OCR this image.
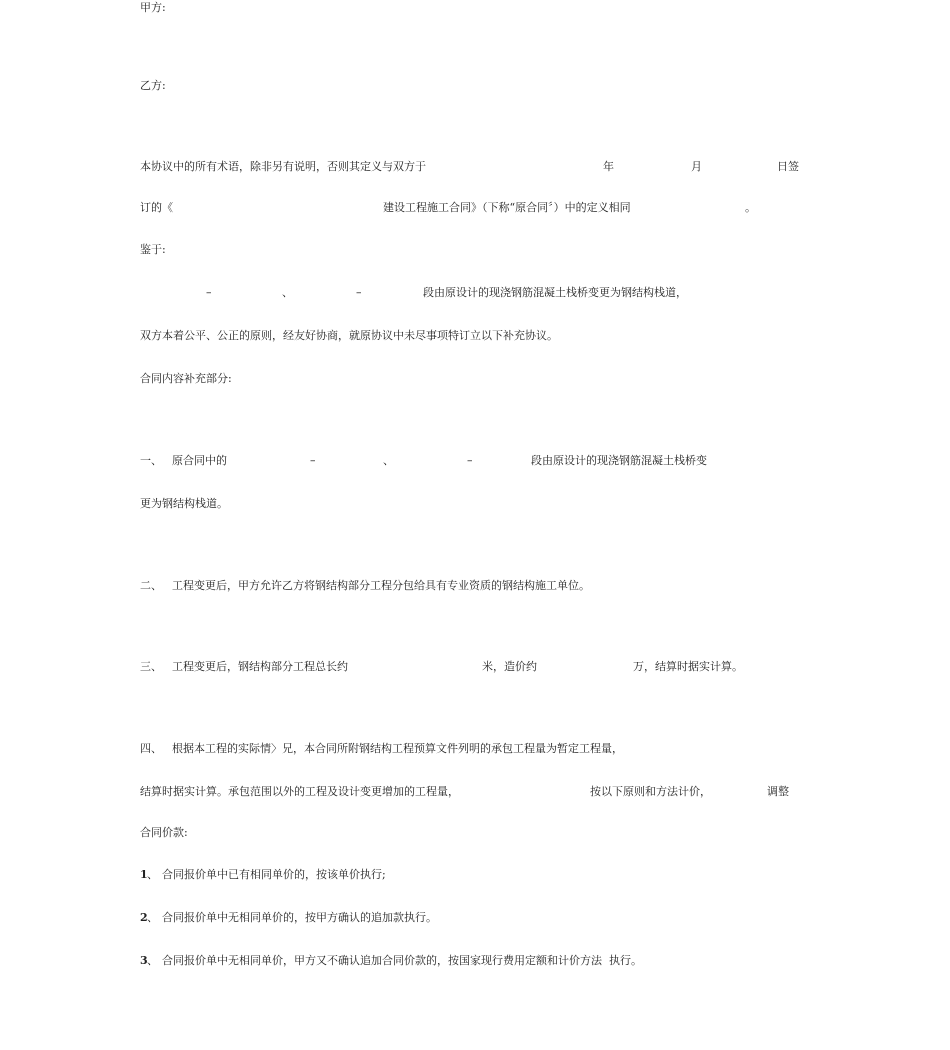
甲方:
乙方:
本协议中的所有术语，除非另有说明，否则其定义与双方于	年	月	日签
订的《	建设工程施工合同》（下称“原合同〞）中的定义相同	。
鉴于:
–	、	–	段由原设计的现浇钢筋混凝土栈桥变更为钢结构栈道，
双方本着公平、公正的原则，经友好协商，就原协议中未尽事项特订立以下补充协议。
合同内容补充部分:
一、 原合同中的	–	、	–	段由原设计的现浇钢筋混凝土栈桥变
更为钢结构栈道。
二、 工程变更后，甲方允许乙方将钢结构部分工程分包给具有专业资质的钢结构施工单位。
三、 工程变更后，钢结构部分工程总长约	米，造价约	万，结算时据实计算。
四、 根据本工程的实际情〉兄，本合同所附钢结构工程预算文件列明的承包工程量为暂定工程量，
结算时据实计算。承包范围以外的工程及设计变更增加的工程量，	按以下原则和方法计价，	调整
合同价款:
1 、 合同报价单中已有相同单价的，按该单价执行;
2 、 合同报价单中无相同单价的，按甲方确认的追加款执行。
3 、 合同报价单中无相同单价，甲方又不确认追加合同价款的，按国家现行费用定额和计价方法  执行。
